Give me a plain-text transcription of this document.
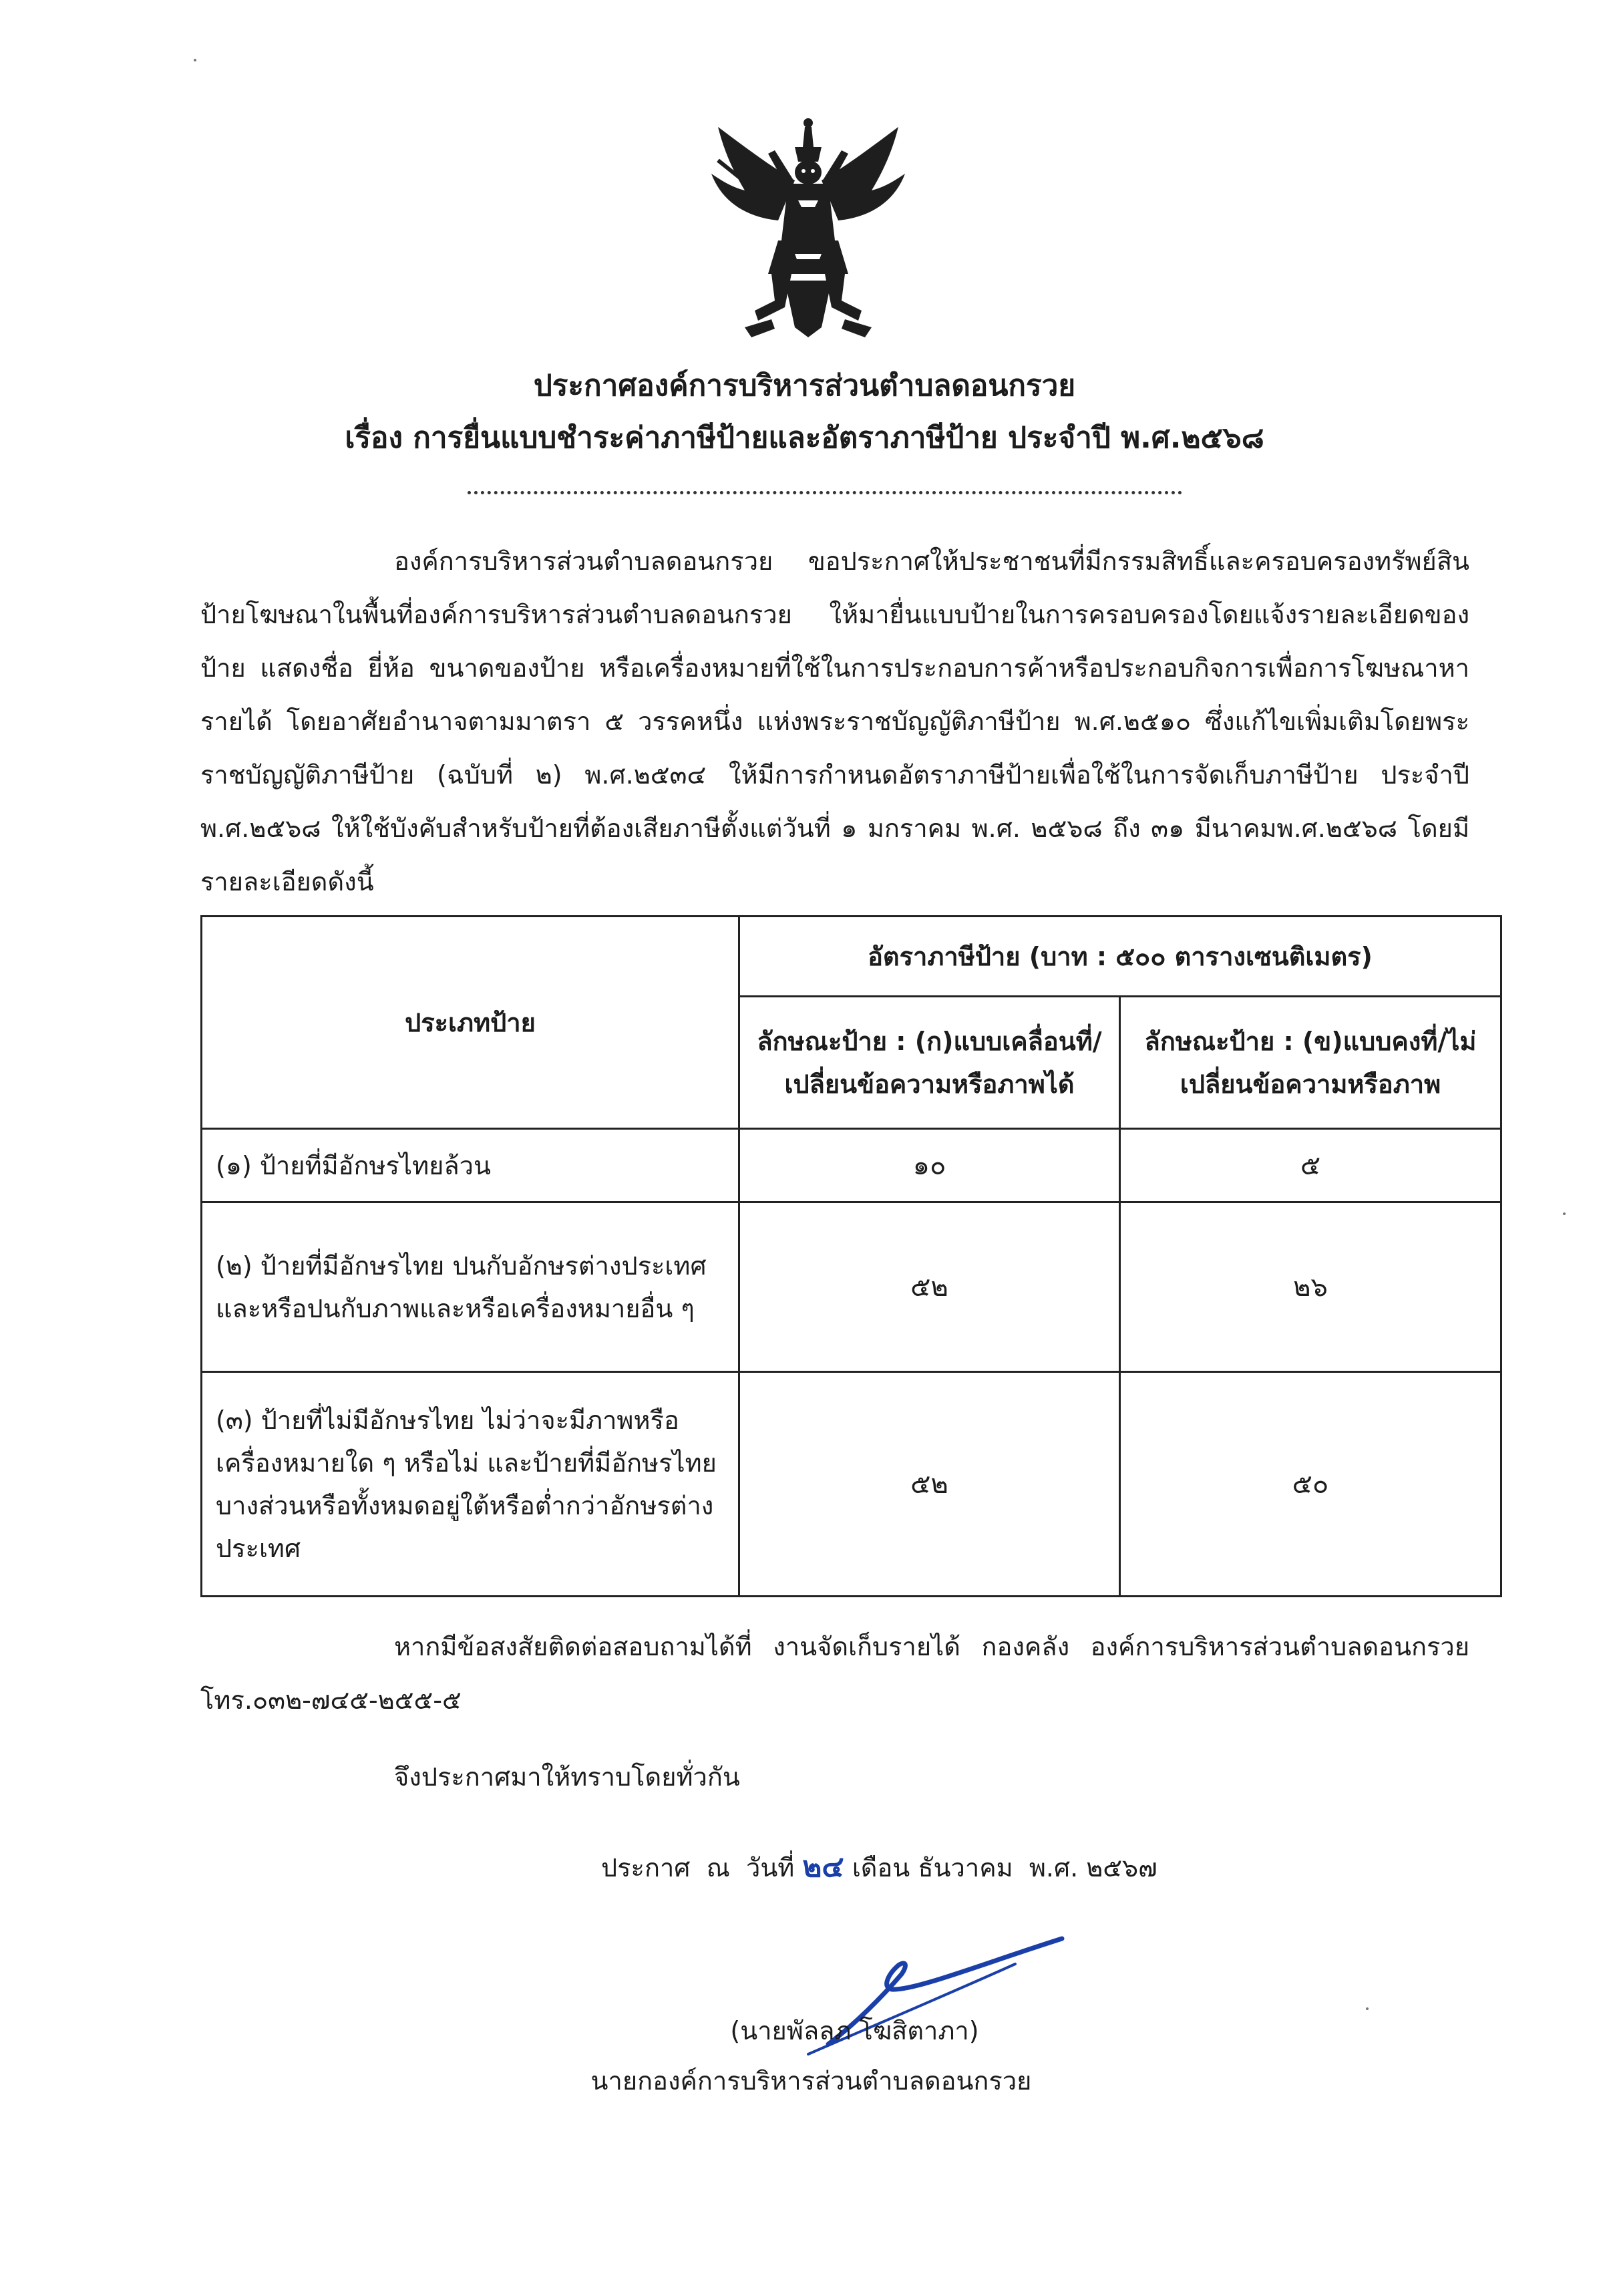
ประกาศองค์การบริหารส่วนตำบลดอนกรวย
เรื่อง การยื่นแบบชำระค่าภาษีป้ายและอัตราภาษีป้าย ประจำปี พ.ศ.๒๕๖๘
องค์การบริหารส่วนตำบลดอนกรวย ขอประกาศให้ประชาชนที่มีกรรมสิทธิ์และครอบครองทรัพย์สินป้ายโฆษณาในพื้นที่องค์การบริหารส่วนตำบลดอนกรวย ให้มายื่นแบบป้ายในการครอบครองโดยแจ้งรายละเอียดของป้าย แสดงชื่อ ยี่ห้อ ขนาดของป้าย หรือเครื่องหมายที่ใช้ในการประกอบการค้าหรือประกอบกิจการเพื่อการโฆษณาหารายได้ โดยอาศัยอำนาจตามมาตรา ๕ วรรคหนึ่ง แห่งพระราชบัญญัติภาษีป้าย พ.ศ.๒๕๑๐ ซึ่งแก้ไขเพิ่มเติมโดยพระราชบัญญัติภาษีป้าย (ฉบับที่ ๒) พ.ศ.๒๕๓๔ ให้มีการกำหนดอัตราภาษีป้ายเพื่อใช้ในการจัดเก็บภาษีป้าย ประจำปี พ.ศ.๒๕๖๘ ให้ใช้บังคับสำหรับป้ายที่ต้องเสียภาษีตั้งแต่วันที่ ๑ มกราคม พ.ศ. ๒๕๖๘ ถึง ๓๑ มีนาคมพ.ศ.๒๕๖๘ โดยมีรายละเอียดดังนี้
ประเภทป้าย	อัตราภาษีป้าย (บาท : ๕๐๐ ตารางเซนติเมตร)	
	ลักษณะป้าย : (ก)แบบเคลื่อนที่/เปลี่ยนข้อความหรือภาพได้	ลักษณะป้าย : (ข)แบบคงที่/ไม่เปลี่ยนข้อความหรือภาพ
(๑) ป้ายที่มีอักษรไทยล้วน	๑๐	๕
(๒) ป้ายที่มีอักษรไทย ปนกับอักษรต่างประเทศและหรือปนกับภาพและหรือเครื่องหมายอื่น ๆ	๕๒	๒๖
(๓) ป้ายที่ไม่มีอักษรไทย ไม่ว่าจะมีภาพหรือเครื่องหมายใด ๆ หรือไม่ และป้ายที่มีอักษรไทยบางส่วนหรือทั้งหมดอยู่ใต้หรือต่ำกว่าอักษรต่างประเทศ	๕๒	๕๐
หากมีข้อสงสัยติดต่อสอบถามได้ที่ งานจัดเก็บรายได้ กองคลัง องค์การบริหารส่วนตำบลดอนกรวย โทร.๐๓๒-๗๔๕-๒๕๕-๕
จึงประกาศมาให้ทราบโดยทั่วกัน
ประกาศ  ณ  วันที่ ๒๔ เดือน ธันวาคม  พ.ศ. ๒๕๖๗
(นายพัลลภ โฆสิตาภา)
นายกองค์การบริหารส่วนตำบลดอนกรวย
